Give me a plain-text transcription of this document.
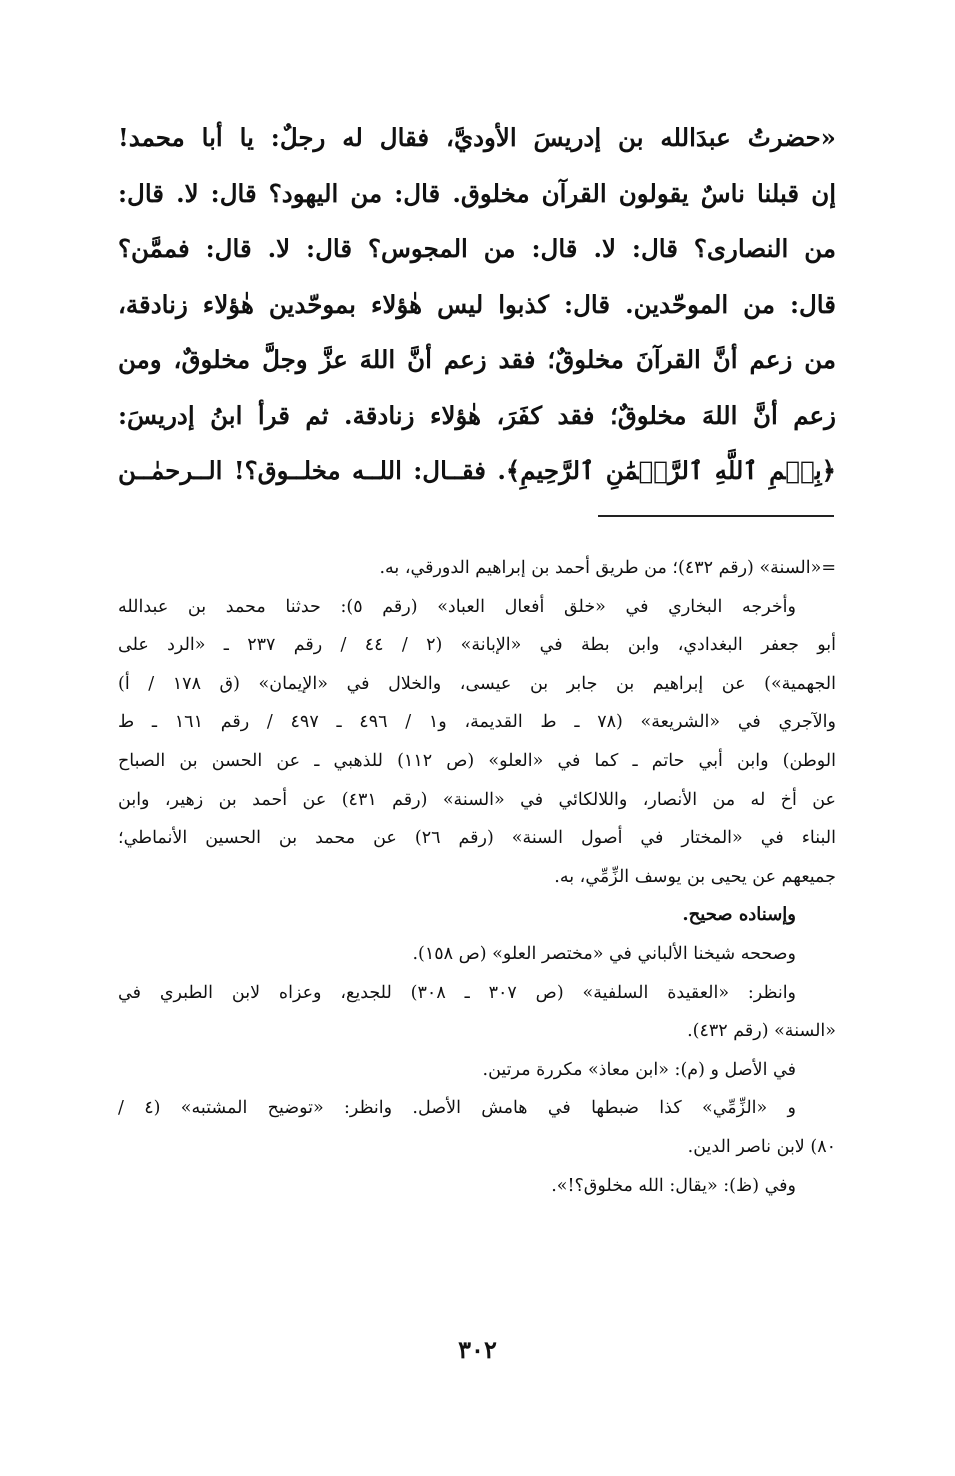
«حضرتُ عبدَالله بن إدريسَ الأوديَّ، فقال له رجلٌ: يا أبا محمد!
إن قبلنا ناسٌ يقولون القرآن مخلوق. قال: من اليهود؟ قال: لا. قال:
من النصارى؟ قال: لا. قال: من المجوس؟ قال: لا. قال: فممَّن؟
قال: من الموحّدين. قال: كذبوا ليس هٰؤلاء بموحّدين هٰؤلاء زنادقة،
من زعم أنَّ القرآنَ مخلوقٌ؛ فقد زعم أنَّ اللهَ عزَّ وجلَّ مخلوقٌ، ومن
زعم أنَّ اللهَ مخلوقٌ؛ فقد كفَرَ، هٰؤلاء زنادقة. ثم قرأ ابنُ إدريسَ:
﴿بِسۡمِ ٱللَّهِ ٱلرَّحۡمَٰنِ ٱلرَّحِيمِ﴾. فقــال: اللــه مخلــوق؟! الــرحمٰــن
=«السنة» (رقم ٤٣٢)؛ من طريق أحمد بن إبراهيم الدورقي، به.
وأخرجه البخاري في «خلق أفعال العباد» (رقم ٥): حدثنا محمد بن عبدالله
أبو جعفر البغدادي، وابن بطة في «الإبانة» (٢ / ٤٤ / رقم ٢٣٧ ـ «الرد على
الجهمية») عن إبراهيم بن جابر بن عيسى، والخلال في «الإيمان» (ق ١٧٨ / أ)
والآجري في «الشريعة» (٧٨ ـ ط القديمة، و١ / ٤٩٦ ـ ٤٩٧ / رقم ١٦١ ـ ط
الوطن) وابن أبي حاتم ـ كما في «العلو» (ص ١١٢) للذهبي ـ عن الحسن بن الصباح
عن أخ له من الأنصار، واللالكائي في «السنة» (رقم ٤٣١) عن أحمد بن زهير، وابن
البناء في «المختار في أصول السنة» (رقم ٢٦) عن محمد بن الحسين الأنماطي؛
جميعهم عن يحيى بن يوسف الزِّمِّي، به.
وإسناده صحيح.
وصححه شيخنا الألباني في «مختصر العلو» (ص ١٥٨).
وانظر: «العقيدة السلفية» (ص ٣٠٧ ـ ٣٠٨) للجديع، وعزاه لابن الطبري في
«السنة» (رقم ٤٣٢).
في الأصل و (م): «ابن معاذ» مكررة مرتين.
و «الزِّمِّي» كذا ضبطها في هامش الأصل. وانظر: «توضيح المشتبه» (٤ /
٨٠) لابن ناصر الدين.
وفي (ظ): «يقال: الله مخلوق؟!».
٣٠٢
